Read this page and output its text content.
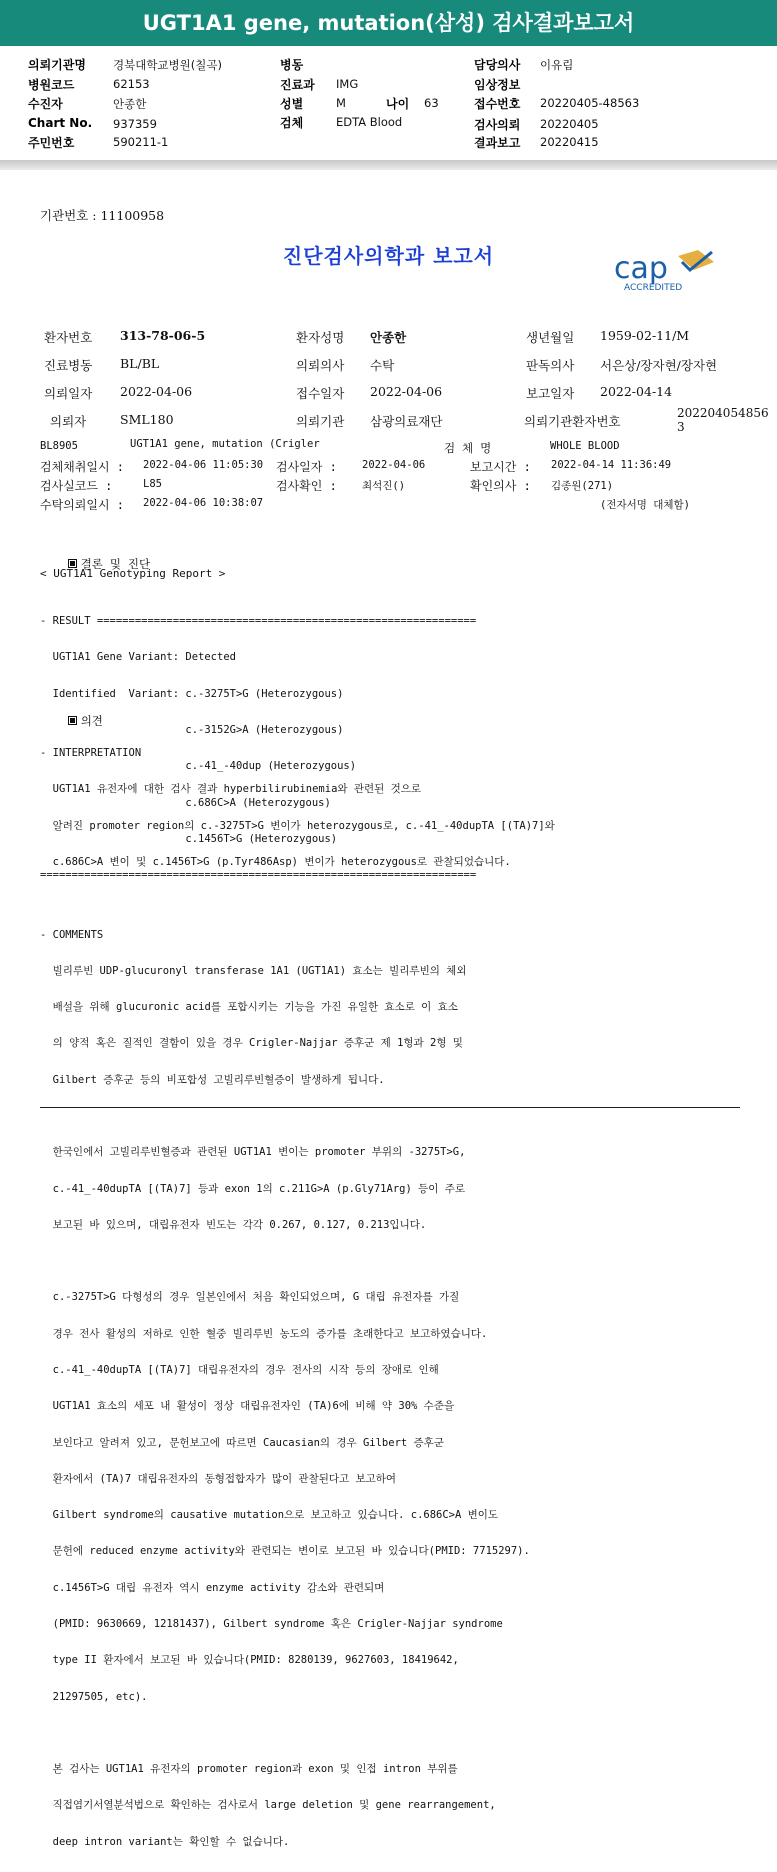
UGT1A1 gene, mutation(삼성) 검사결과보고서
의뢰기관명 경북대학교병원(칠곡)
병원코드	62153
수진자	안종한
Chart No. 937359
주민번호	590211-1
병동
진료과 IMG
성별	M	나이 63
검체	EDTA Blood
담당의사 이유림
임상정보
접수번호 20220405-48563
검사의뢰 20220405
결과보고 20220415
기관번호 : 11100958
진단검사의학과 보고서	cap
ACCREDITED
환자번호 313-78-06-5	환자성명 안종한	생년월일 1959-02-11/M
진료병동 BL/BL	의뢰의사 수탁	판독의사 서은상/장자현/장자현
의뢰일자 2022-04-06	접수일자 2022-04-06	보고일자 2022-04-14
의뢰자	SML180	의뢰기관 삼광의료재단	의뢰기관환자번호
202204054856
3
BL8905	UGT1A1 gene, mutation (Crigler	검 체 명	WHOLE BLOOD
검체채취일시 : 2022-04-06 11:05:30 검사일자 : 2022-04-06	보고시간 : 2022-04-14 11:36:49
검사실코드 :	L85	검사확인 : 최석진()	확인의사 : 김종원(271)
수탁의뢰일시 : 2022-04-06 10:38:07	(전자서명 대체함)

결론 및 진단

< UGT1A1 Genotyping Report >

- RESULT ============================================================

UGT1A1 Gene Variant: Detected

Identified  Variant: c.-3275T>G (Heterozygous)

c.-3152G>A (Heterozygous)

c.-41_-40dup (Heterozygous)

c.686C>A (Heterozygous)

c.1456T>G (Heterozygous)

=====================================================================

의견

- INTERPRETATION

UGT1A1 유전자에 대한 검사 결과 hyperbilirubinemia와 관련된 것으로

알려진 promoter region의 c.-3275T>G 변이가 heterozygous로, c.-41_-40dupTA [(TA)7]와

c.686C>A 변이 및 c.1456T>G (p.Tyr486Asp) 변이가 heterozygous로 관찰되었습니다.

- COMMENTS

빌리루빈 UDP-glucuronyl transferase 1A1 (UGT1A1) 효소는 빌리루빈의 체외

배설을 위해 glucuronic acid를 포합시키는 기능을 가진 유일한 효소로 이 효소

의 양적 혹은 질적인 결함이 있을 경우 Crigler-Najjar 증후군 제 1형과 2형 및

Gilbert 증후군 등의 비포합성 고빌리루빈혈증이 발생하게 됩니다.

한국인에서 고빌리루빈혈증과 관련된 UGT1A1 변이는 promoter 부위의 -3275T>G,

c.-41_-40dupTA [(TA)7] 등과 exon 1의 c.211G>A (p.Gly71Arg) 등이 주로

보고된 바 있으며, 대립유전자 빈도는 각각 0.267, 0.127, 0.213입니다.

c.-3275T>G 다형성의 경우 일본인에서 처음 확인되었으며, G 대립 유전자를 가질

경우 전사 활성의 저하로 인한 혈중 빌리루빈 농도의 증가를 초래한다고 보고하였습니다.

c.-41_-40dupTA [(TA)7] 대립유전자의 경우 전사의 시작 등의 장애로 인해

UGT1A1 효소의 세포 내 활성이 정상 대립유전자인 (TA)6에 비해 약 30% 수준을

보인다고 알려져 있고, 문헌보고에 따르면 Caucasian의 경우 Gilbert 증후군

환자에서 (TA)7 대립유전자의 동형접합자가 많이 관찰된다고 보고하여

Gilbert syndrome의 causative mutation으로 보고하고 있습니다. c.686C>A 변이도

문헌에 reduced enzyme activity와 관련되는 변이로 보고된 바 있습니다(PMID: 7715297).

c.1456T>G 대립 유전자 역시 enzyme activity 감소와 관련되며

(PMID: 9630669, 12181437), Gilbert syndrome 혹은 Crigler-Najjar syndrome

type II 환자에서 보고된 바 있습니다(PMID: 8280139, 9627603, 18419642,

21297505, etc).

본 검사는 UGT1A1 유전자의 promoter region과 exon 및 인접 intron 부위를

직접염기서열분석법으로 확인하는 검사로서 large deletion 및 gene rearrangement,

deep intron variant는 확인할 수 없습니다.
